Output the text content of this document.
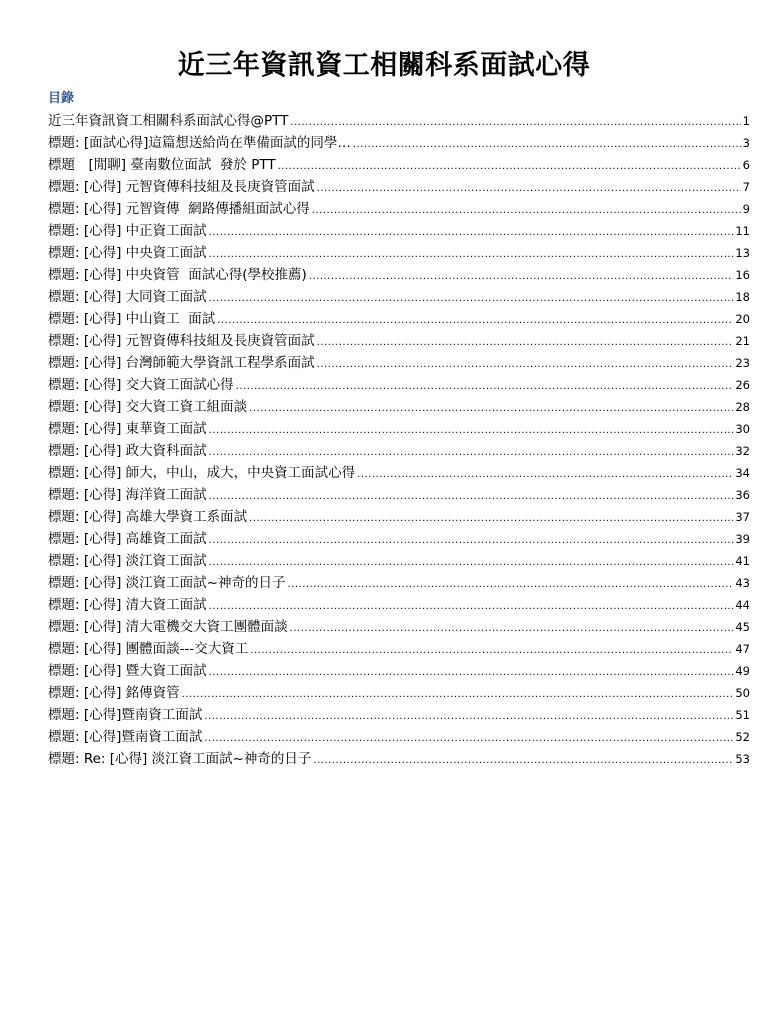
近三年資訊資工相關科系面試心得
目錄
近三年資訊資工相關科系面試心得@PTT .....	1
標題: [面試心得]這篇想送給尚在準備面試的同學… .....	3
標題　[閒聊] 臺南數位面試  發於 PTT .....	6
標題: [心得] 元智資傳科技組及長庚資管面試 .....	7
標題: [心得] 元智資傳  網路傳播組面試心得 .....	9
標題: [心得] 中正資工面試 .....	11
標題: [心得] 中央資工面試 .....	13
標題: [心得] 中央資管  面試心得(學校推薦) .....	16
標題: [心得] 大同資工面試 .....	18
標題: [心得] 中山資工  面試 .....	20
標題: [心得] 元智資傳科技組及長庚資管面試 .....	21
標題: [心得] 台灣師範大學資訊工程學系面試 .....	23
標題: [心得] 交大資工面試心得 .....	26
標題: [心得] 交大資工資工組面談 .....	28
標題: [心得] 東華資工面試 .....	30
標題: [心得] 政大資科面試 .....	32
標題: [心得] 師大，中山，成大，中央資工面試心得 .....	34
標題: [心得] 海洋資工面試 .....	36
標題: [心得] 高雄大學資工系面試 .....	37
標題: [心得] 高雄資工面試 .....	39
標題: [心得] 淡江資工面試 .....	41
標題: [心得] 淡江資工面試~神奇的日子 .....	43
標題: [心得] 清大資工面試 .....	44
標題: [心得] 清大電機交大資工團體面談 .....	45
標題: [心得] 團體面談---交大資工 .....	47
標題: [心得] 暨大資工面試 .....	49
標題: [心得] 銘傳資管 .....	50
標題: [心得]暨南資工面試 .....	51
標題: [心得]暨南資工面試 .....	52
標題: Re: [心得] 淡江資工面試~神奇的日子 .....	53
